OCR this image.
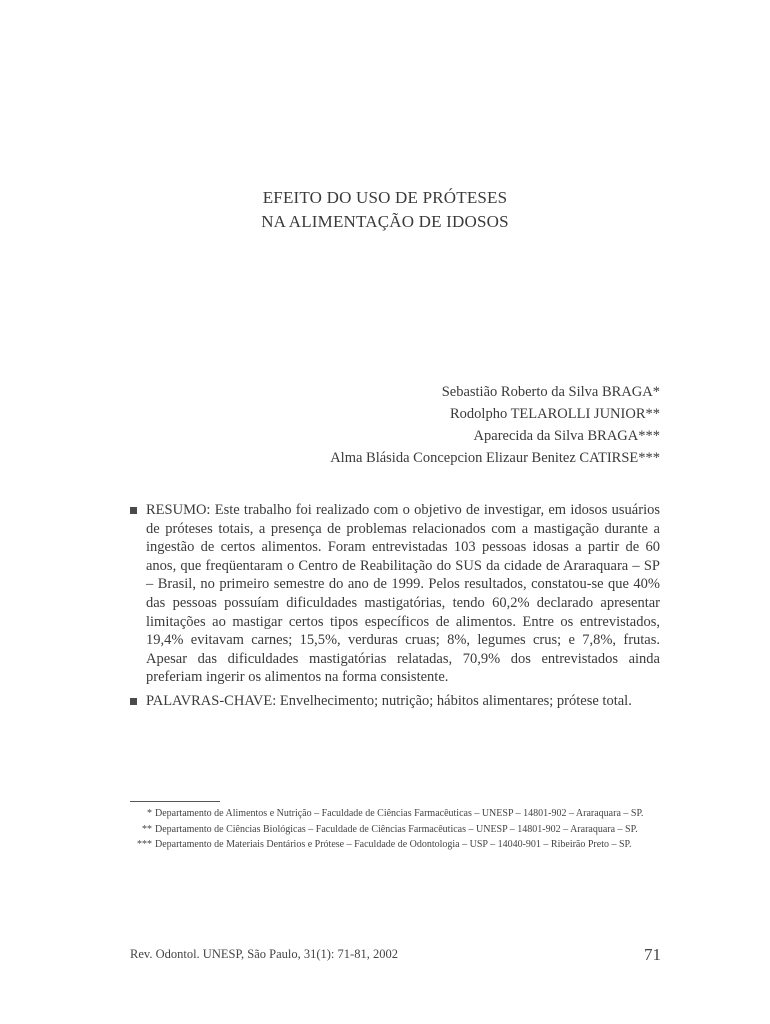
EFEITO DO USO DE PRÓTESES
NA ALIMENTAÇÃO DE IDOSOS
Sebastião Roberto da Silva BRAGA*
Rodolpho TELAROLLI JUNIOR**
Aparecida da Silva BRAGA***
Alma Blásida Concepcion Elizaur Benitez CATIRSE***

RESUMO: Este trabalho foi realizado com o objetivo de investigar, em idosos usuários de próteses totais, a presença de problemas relacionados com a mastigação durante a ingestão de certos alimentos. Foram entrevistadas 103 pessoas idosas a partir de 60 anos, que freqüentaram o Centro de Reabilitação do SUS da cidade de Araraquara – SP – Brasil, no primeiro semestre do ano de 1999. Pelos resultados, constatou-se que 40% das pessoas possuíam dificuldades mastigatórias, tendo 60,2% declarado apresentar limitações ao mastigar certos tipos específicos de alimentos. Entre os entrevistados, 19,4% evitavam carnes; 15,5%, verduras cruas; 8%, legumes crus; e 7,8%, frutas. Apesar das dificuldades mastigatórias relatadas, 70,9% dos entrevistados ainda preferiam ingerir os alimentos na forma consistente.

PALAVRAS-CHAVE: Envelhecimento; nutrição; hábitos alimentares; prótese total.

* Departamento de Alimentos e Nutrição – Faculdade de Ciências Farmacêuticas – UNESP – 14801-902 – Araraquara – SP.
** Departamento de Ciências Biológicas – Faculdade de Ciências Farmacêuticas – UNESP – 14801-902 – Araraquara – SP.
*** Departamento de Materiais Dentários e Prótese – Faculdade de Odontologia – USP – 14040-901 – Ribeirão Preto – SP.
Rev. Odontol. UNESP, São Paulo, 31(1): 71-81, 2002	71
